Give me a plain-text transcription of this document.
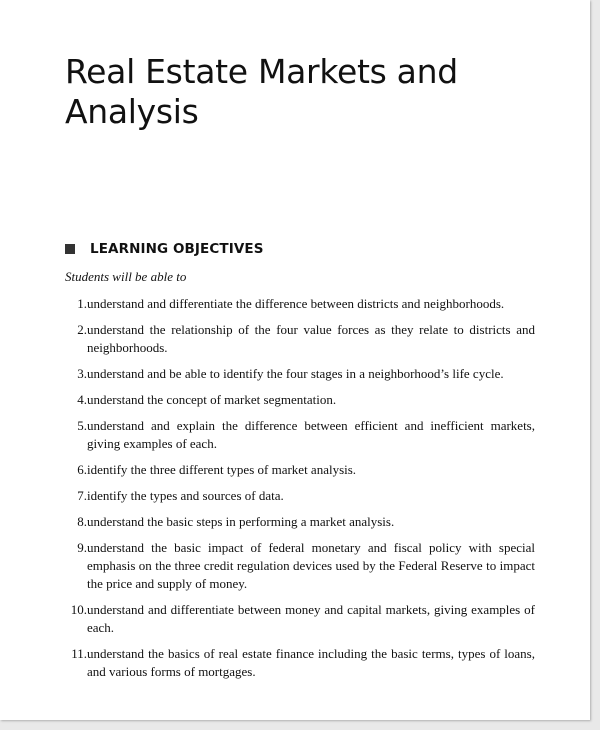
Real Estate Markets and Analysis
LEARNING OBJECTIVES

Students will be able to

1. understand and differentiate the difference between districts and neighborhoods.
2. understand the relationship of the four value forces as they relate to districts and neighborhoods.
3. understand and be able to identify the four stages in a neighborhood’s life cycle.
4. understand the concept of market segmentation.
5. understand and explain the difference between efficient and inefficient markets, giving examples of each.
6. identify the three different types of market analysis.
7. identify the types and sources of data.
8. understand the basic steps in performing a market analysis.
9. understand the basic impact of federal monetary and fiscal policy with special emphasis on the three credit regulation devices used by the Federal Reserve to impact the price and supply of money.
10. understand and differentiate between money and capital markets, giving examples of each.
11. understand the basics of real estate finance including the basic terms, types of loans, and various forms of mortgages.
